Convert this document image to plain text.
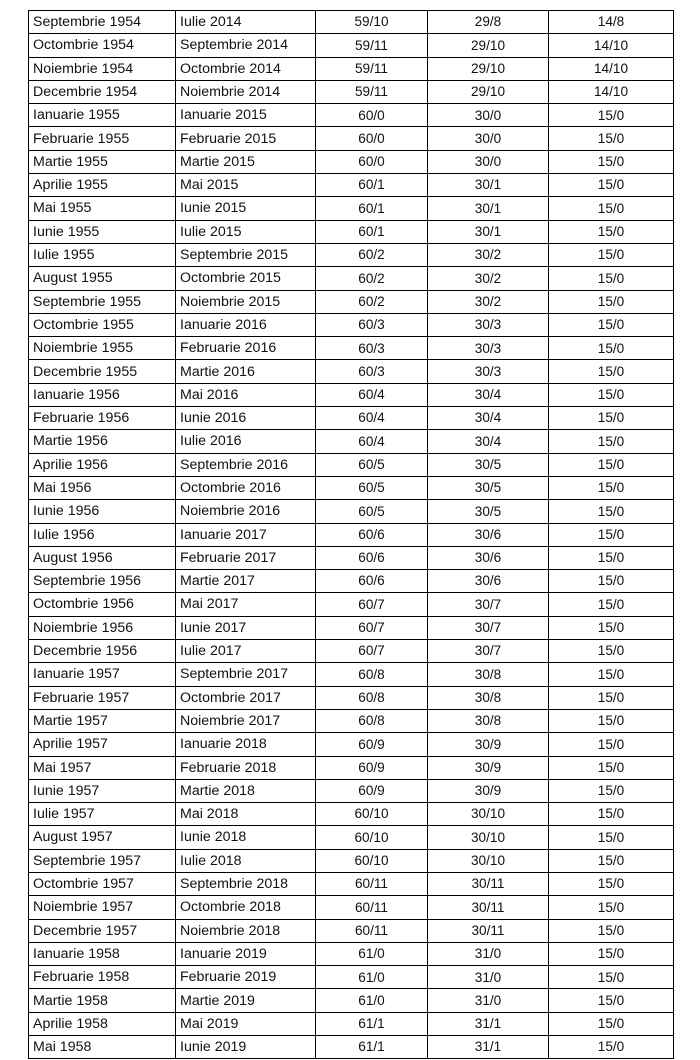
Septembrie 1954	Iulie 2014	59/10	29/8	14/8
Octombrie 1954	Septembrie 2014	59/11	29/10	14/10
Noiembrie 1954	Octombrie 2014	59/11	29/10	14/10
Decembrie 1954	Noiembrie 2014	59/11	29/10	14/10
Ianuarie 1955	Ianuarie 2015	60/0	30/0	15/0
Februarie 1955	Februarie 2015	60/0	30/0	15/0
Martie 1955	Martie 2015	60/0	30/0	15/0
Aprilie 1955	Mai 2015	60/1	30/1	15/0
Mai 1955	Iunie 2015	60/1	30/1	15/0
Iunie 1955	Iulie 2015	60/1	30/1	15/0
Iulie 1955	Septembrie 2015	60/2	30/2	15/0
August 1955	Octombrie 2015	60/2	30/2	15/0
Septembrie 1955	Noiembrie 2015	60/2	30/2	15/0
Octombrie 1955	Ianuarie 2016	60/3	30/3	15/0
Noiembrie 1955	Februarie 2016	60/3	30/3	15/0
Decembrie 1955	Martie 2016	60/3	30/3	15/0
Ianuarie 1956	Mai 2016	60/4	30/4	15/0
Februarie 1956	Iunie 2016	60/4	30/4	15/0
Martie 1956	Iulie 2016	60/4	30/4	15/0
Aprilie 1956	Septembrie 2016	60/5	30/5	15/0
Mai 1956	Octombrie 2016	60/5	30/5	15/0
Iunie 1956	Noiembrie 2016	60/5	30/5	15/0
Iulie 1956	Ianuarie 2017	60/6	30/6	15/0
August 1956	Februarie 2017	60/6	30/6	15/0
Septembrie 1956	Martie 2017	60/6	30/6	15/0
Octombrie 1956	Mai 2017	60/7	30/7	15/0
Noiembrie 1956	Iunie 2017	60/7	30/7	15/0
Decembrie 1956	Iulie 2017	60/7	30/7	15/0
Ianuarie 1957	Septembrie 2017	60/8	30/8	15/0
Februarie 1957	Octombrie 2017	60/8	30/8	15/0
Martie 1957	Noiembrie 2017	60/8	30/8	15/0
Aprilie 1957	Ianuarie 2018	60/9	30/9	15/0
Mai 1957	Februarie 2018	60/9	30/9	15/0
Iunie 1957	Martie 2018	60/9	30/9	15/0
Iulie 1957	Mai 2018	60/10	30/10	15/0
August 1957	Iunie 2018	60/10	30/10	15/0
Septembrie 1957	Iulie 2018	60/10	30/10	15/0
Octombrie 1957	Septembrie 2018	60/11	30/11	15/0
Noiembrie 1957	Octombrie 2018	60/11	30/11	15/0
Decembrie 1957	Noiembrie 2018	60/11	30/11	15/0
Ianuarie 1958	Ianuarie 2019	61/0	31/0	15/0
Februarie 1958	Februarie 2019	61/0	31/0	15/0
Martie 1958	Martie 2019	61/0	31/0	15/0
Aprilie 1958	Mai 2019	61/1	31/1	15/0
Mai 1958	Iunie 2019	61/1	31/1	15/0
